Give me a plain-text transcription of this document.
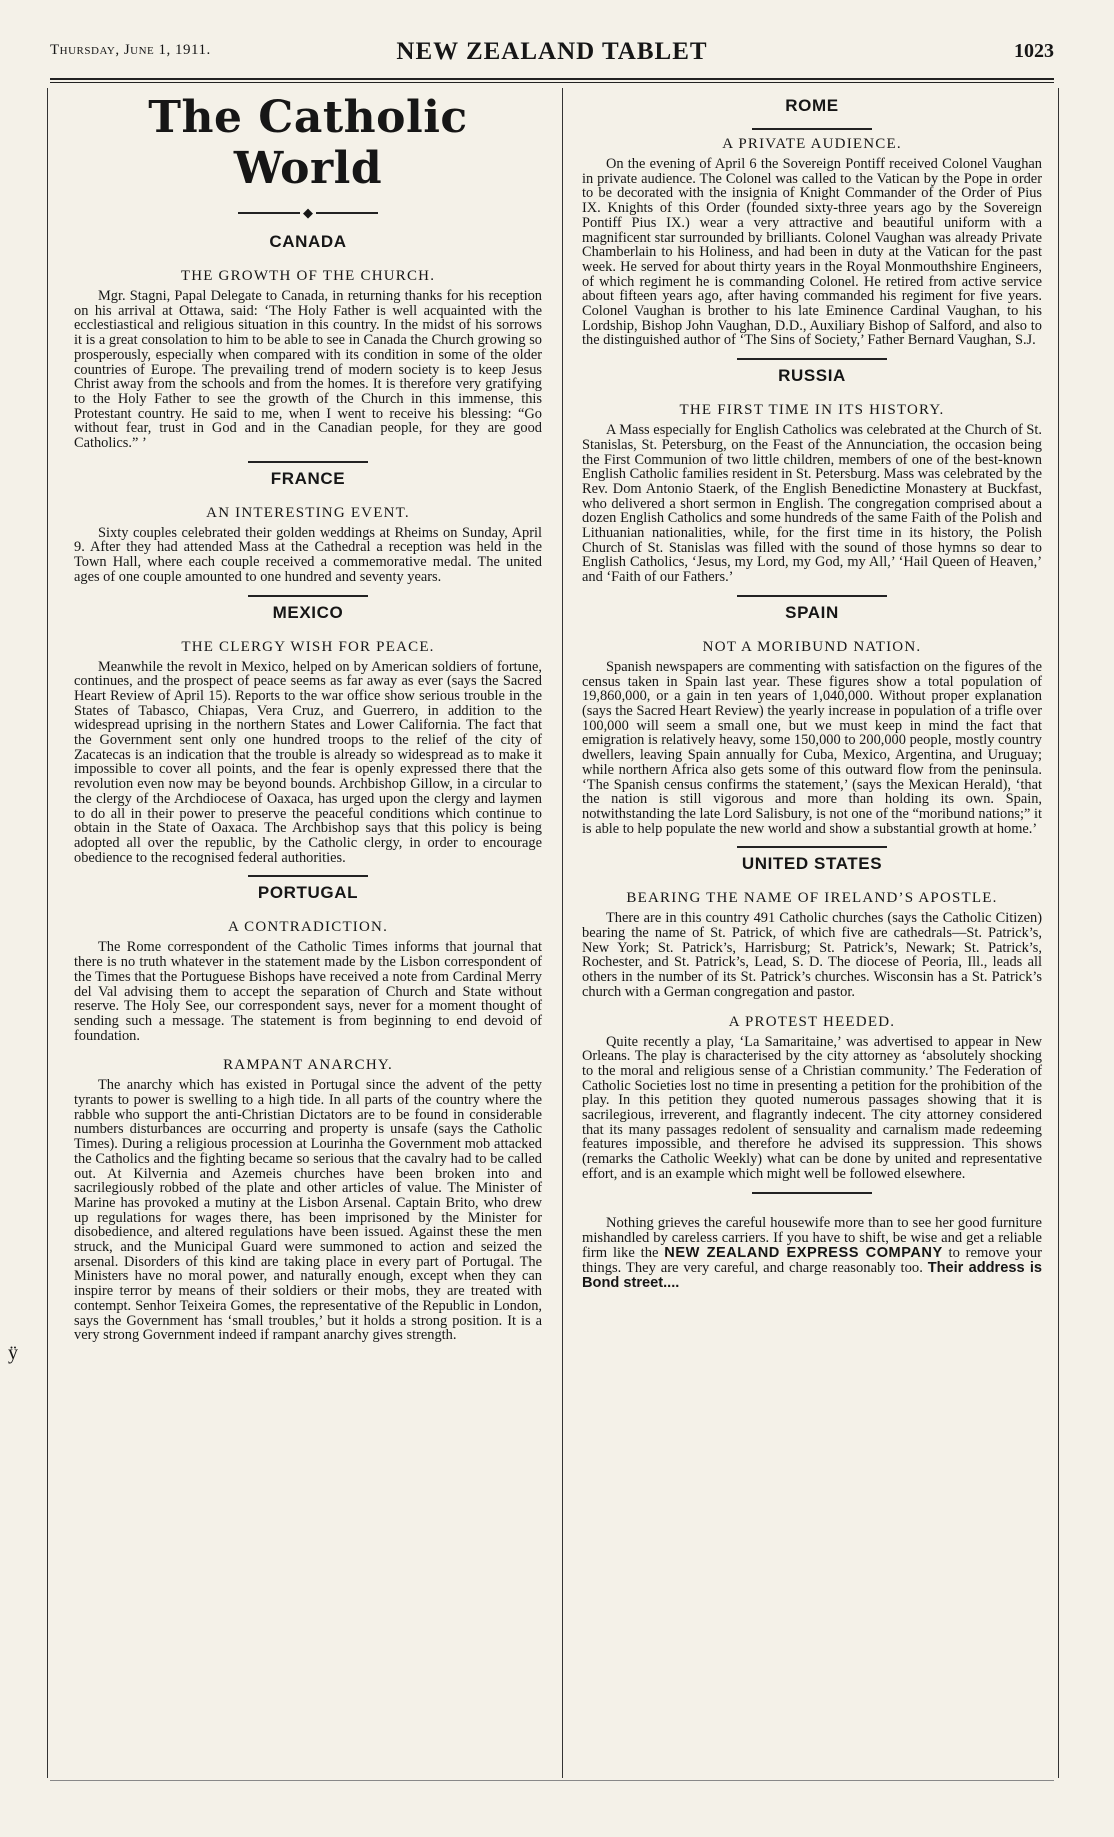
Thursday, June 1, 1911.	NEW ZEALAND TABLET	1023
ÿ
The Catholic World
◆
CANADA
THE GROWTH OF THE CHURCH.

Mgr. Stagni, Papal Delegate to Canada, in returning thanks for his reception on his arrival at Ottawa, said: ‘The Holy Father is well acquainted with the ecclestiastical and religious situation in this country. In the midst of his sorrows it is a great consolation to him to be able to see in Canada the Church growing so prosperously, especially when compared with its condition in some of the older countries of Europe. The prevailing trend of modern society is to keep Jesus Christ away from the schools and from the homes. It is therefore very gratifying to the Holy Father to see the growth of the Church in this immense, this Protestant country. He said to me, when I went to receive his blessing: “Go without fear, trust in God and in the Canadian people, for they are good Catholics.” ’

FRANCE
AN INTERESTING EVENT.

Sixty couples celebrated their golden weddings at Rheims on Sunday, April 9. After they had attended Mass at the Cathedral a reception was held in the Town Hall, where each couple received a commemorative medal. The united ages of one couple amounted to one hundred and seventy years.

MEXICO
THE CLERGY WISH FOR PEACE.

Meanwhile the revolt in Mexico, helped on by American soldiers of fortune, continues, and the prospect of peace seems as far away as ever (says the Sacred Heart Review of April 15). Reports to the war office show serious trouble in the States of Tabasco, Chiapas, Vera Cruz, and Guerrero, in addition to the widespread uprising in the northern States and Lower California. The fact that the Government sent only one hundred troops to the relief of the city of Zacatecas is an indication that the trouble is already so widespread as to make it impossible to cover all points, and the fear is openly expressed there that the revolution even now may be beyond bounds. Archbishop Gillow, in a circular to the clergy of the Archdiocese of Oaxaca, has urged upon the clergy and laymen to do all in their power to preserve the peaceful conditions which continue to obtain in the State of Oaxaca. The Archbishop says that this policy is being adopted all over the republic, by the Catholic clergy, in order to encourage obedience to the recognised federal authorities.

PORTUGAL
A CONTRADICTION.

The Rome correspondent of the Catholic Times informs that journal that there is no truth whatever in the statement made by the Lisbon correspondent of the Times that the Portuguese Bishops have received a note from Cardinal Merry del Val advising them to accept the separation of Church and State without reserve. The Holy See, our correspondent says, never for a moment thought of sending such a message. The statement is from beginning to end devoid of foundation.

RAMPANT ANARCHY.

The anarchy which has existed in Portugal since the advent of the petty tyrants to power is swelling to a high tide. In all parts of the country where the rabble who support the anti-Christian Dictators are to be found in considerable numbers disturbances are occurring and property is unsafe (says the Catholic Times). During a religious procession at Lourinha the Government mob attacked the Catholics and the fighting became so serious that the cavalry had to be called out. At Kilvernia and Azemeis churches have been broken into and sacrilegiously robbed of the plate and other articles of value. The Minister of Marine has provoked a mutiny at the Lisbon Arsenal. Captain Brito, who drew up regulations for wages there, has been imprisoned by the Minister for disobedience, and altered regulations have been issued. Against these the men struck, and the Municipal Guard were summoned to action and seized the arsenal. Disorders of this kind are taking place in every part of Portugal. The Ministers have no moral power, and naturally enough, except when they can inspire terror by means of their soldiers or their mobs, they are treated with contempt. Senhor Teixeira Gomes, the representative of the Republic in London, says the Government has ‘small troubles,’ but it holds a strong position. It is a very strong Government indeed if rampant anarchy gives strength.

ROME
A PRIVATE AUDIENCE.

On the evening of April 6 the Sovereign Pontiff received Colonel Vaughan in private audience. The Colonel was called to the Vatican by the Pope in order to be decorated with the insignia of Knight Commander of the Order of Pius IX. Knights of this Order (founded sixty-three years ago by the Sovereign Pontiff Pius IX.) wear a very attractive and beautiful uniform with a magnificent star surrounded by brilliants. Colonel Vaughan was already Private Chamberlain to his Holiness, and had been in duty at the Vatican for the past week. He served for about thirty years in the Royal Monmouthshire Engineers, of which regiment he is commanding Colonel. He retired from active service about fifteen years ago, after having commanded his regiment for five years. Colonel Vaughan is brother to his late Eminence Cardinal Vaughan, to his Lordship, Bishop John Vaughan, D.D., Auxiliary Bishop of Salford, and also to the distinguished author of ‘The Sins of Society,’ Father Bernard Vaughan, S.J.

RUSSIA
THE FIRST TIME IN ITS HISTORY.

A Mass especially for English Catholics was celebrated at the Church of St. Stanislas, St. Petersburg, on the Feast of the Annunciation, the occasion being the First Communion of two little children, members of one of the best-known English Catholic families resident in St. Petersburg. Mass was celebrated by the Rev. Dom Antonio Staerk, of the English Benedictine Monastery at Buckfast, who delivered a short sermon in English. The congregation comprised about a dozen English Catholics and some hundreds of the same Faith of the Polish and Lithuanian nationalities, while, for the first time in its history, the Polish Church of St. Stanislas was filled with the sound of those hymns so dear to English Catholics, ‘Jesus, my Lord, my God, my All,’ ‘Hail Queen of Heaven,’ and ‘Faith of our Fathers.’

SPAIN
NOT A MORIBUND NATION.

Spanish newspapers are commenting with satisfaction on the figures of the census taken in Spain last year. These figures show a total population of 19,860,000, or a gain in ten years of 1,040,000. Without proper explanation (says the Sacred Heart Review) the yearly increase in population of a trifle over 100,000 will seem a small one, but we must keep in mind the fact that emigration is relatively heavy, some 150,000 to 200,000 people, mostly country dwellers, leaving Spain annually for Cuba, Mexico, Argentina, and Uruguay; while northern Africa also gets some of this outward flow from the peninsula. ‘The Spanish census confirms the statement,’ (says the Mexican Herald), ‘that the nation is still vigorous and more than holding its own. Spain, notwithstanding the late Lord Salisbury, is not one of the “moribund nations;” it is able to help populate the new world and show a substantial growth at home.’

UNITED STATES
BEARING THE NAME OF IRELAND’S APOSTLE.

There are in this country 491 Catholic churches (says the Catholic Citizen) bearing the name of St. Patrick, of which five are cathedrals—St. Patrick’s, New York; St. Patrick’s, Harrisburg; St. Patrick’s, Newark; St. Patrick’s, Rochester, and St. Patrick’s, Lead, S. D. The diocese of Peoria, Ill., leads all others in the number of its St. Patrick’s churches. Wisconsin has a St. Patrick’s church with a German congregation and pastor.

A PROTEST HEEDED.

Quite recently a play, ‘La Samaritaine,’ was advertised to appear in New Orleans. The play is characterised by the city attorney as ‘absolutely shocking to the moral and religious sense of a Christian community.’ The Federation of Catholic Societies lost no time in presenting a petition for the prohibition of the play. In this petition they quoted numerous passages showing that it is sacrilegious, irreverent, and flagrantly indecent. The city attorney considered that its many passages redolent of sensuality and carnalism made redeeming features impossible, and therefore he advised its suppression. This shows (remarks the Catholic Weekly) what can be done by united and representative effort, and is an example which might well be followed elsewhere.

Nothing grieves the careful housewife more than to see her good furniture mishandled by careless carriers. If you have to shift, be wise and get a reliable firm like the NEW ZEALAND EXPRESS COMPANY to remove your things. They are very careful, and charge reasonably too. Their address is Bond street....
